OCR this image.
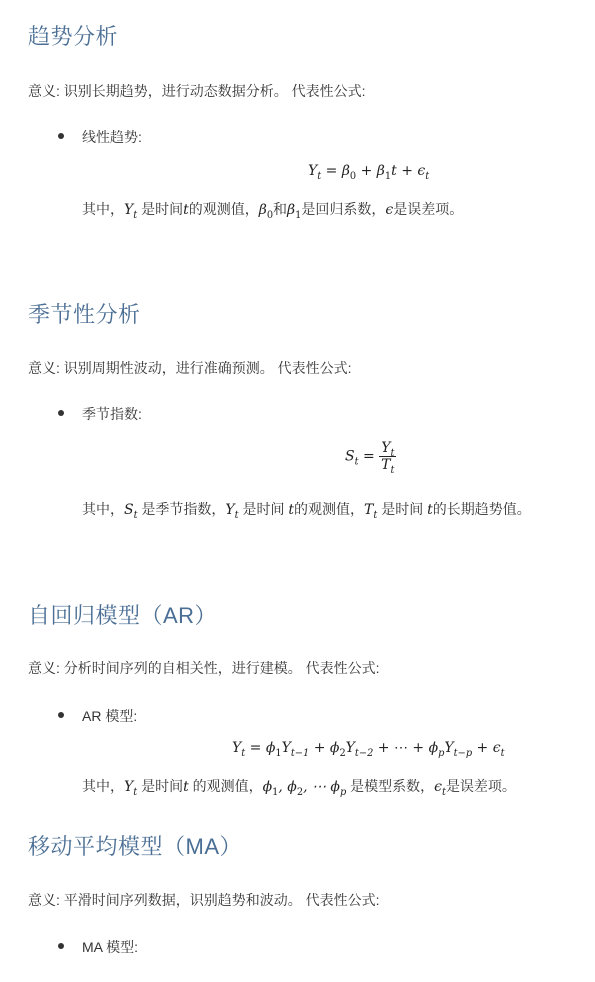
趋势分析
意义: 识别长期趋势，进行动态数据分析。 代表性公式:
线性趋势:
$Y_t = \beta_0 + \beta_1t + \epsilon_t$
其中，$Y_t$ 是时间t的观测值，$\beta_0$和$\beta_1$是回归系数，ϵ是误差项。
季节性分析
意义: 识别周期性波动，进行准确预测。 代表性公式:
季节指数:
$S_t = \frac{Y_t}{T_t}$
其中，$S_t$ 是季节指数，$Y_t$ 是时间 t的观测值，$T_t$ 是时间 t的长期趋势值。
自回归模型（AR）
意义: 分析时间序列的自相关性，进行建模。 代表性公式:
AR 模型:
$Y_t = \phi_1Y_{t-1} + \phi_2Y_{t-2}$ + ⋯ + $\phi_pY_{t-p} + \epsilon_t$
其中，$Y_t$ 是时间t 的观测值，$\phi_1$, $\phi_2$, ⋯ $\phi_p$ 是模型系数，$\epsilon_t$是误差项。
移动平均模型（MA）
意义: 平滑时间序列数据，识别趋势和波动。 代表性公式:
MA 模型:
